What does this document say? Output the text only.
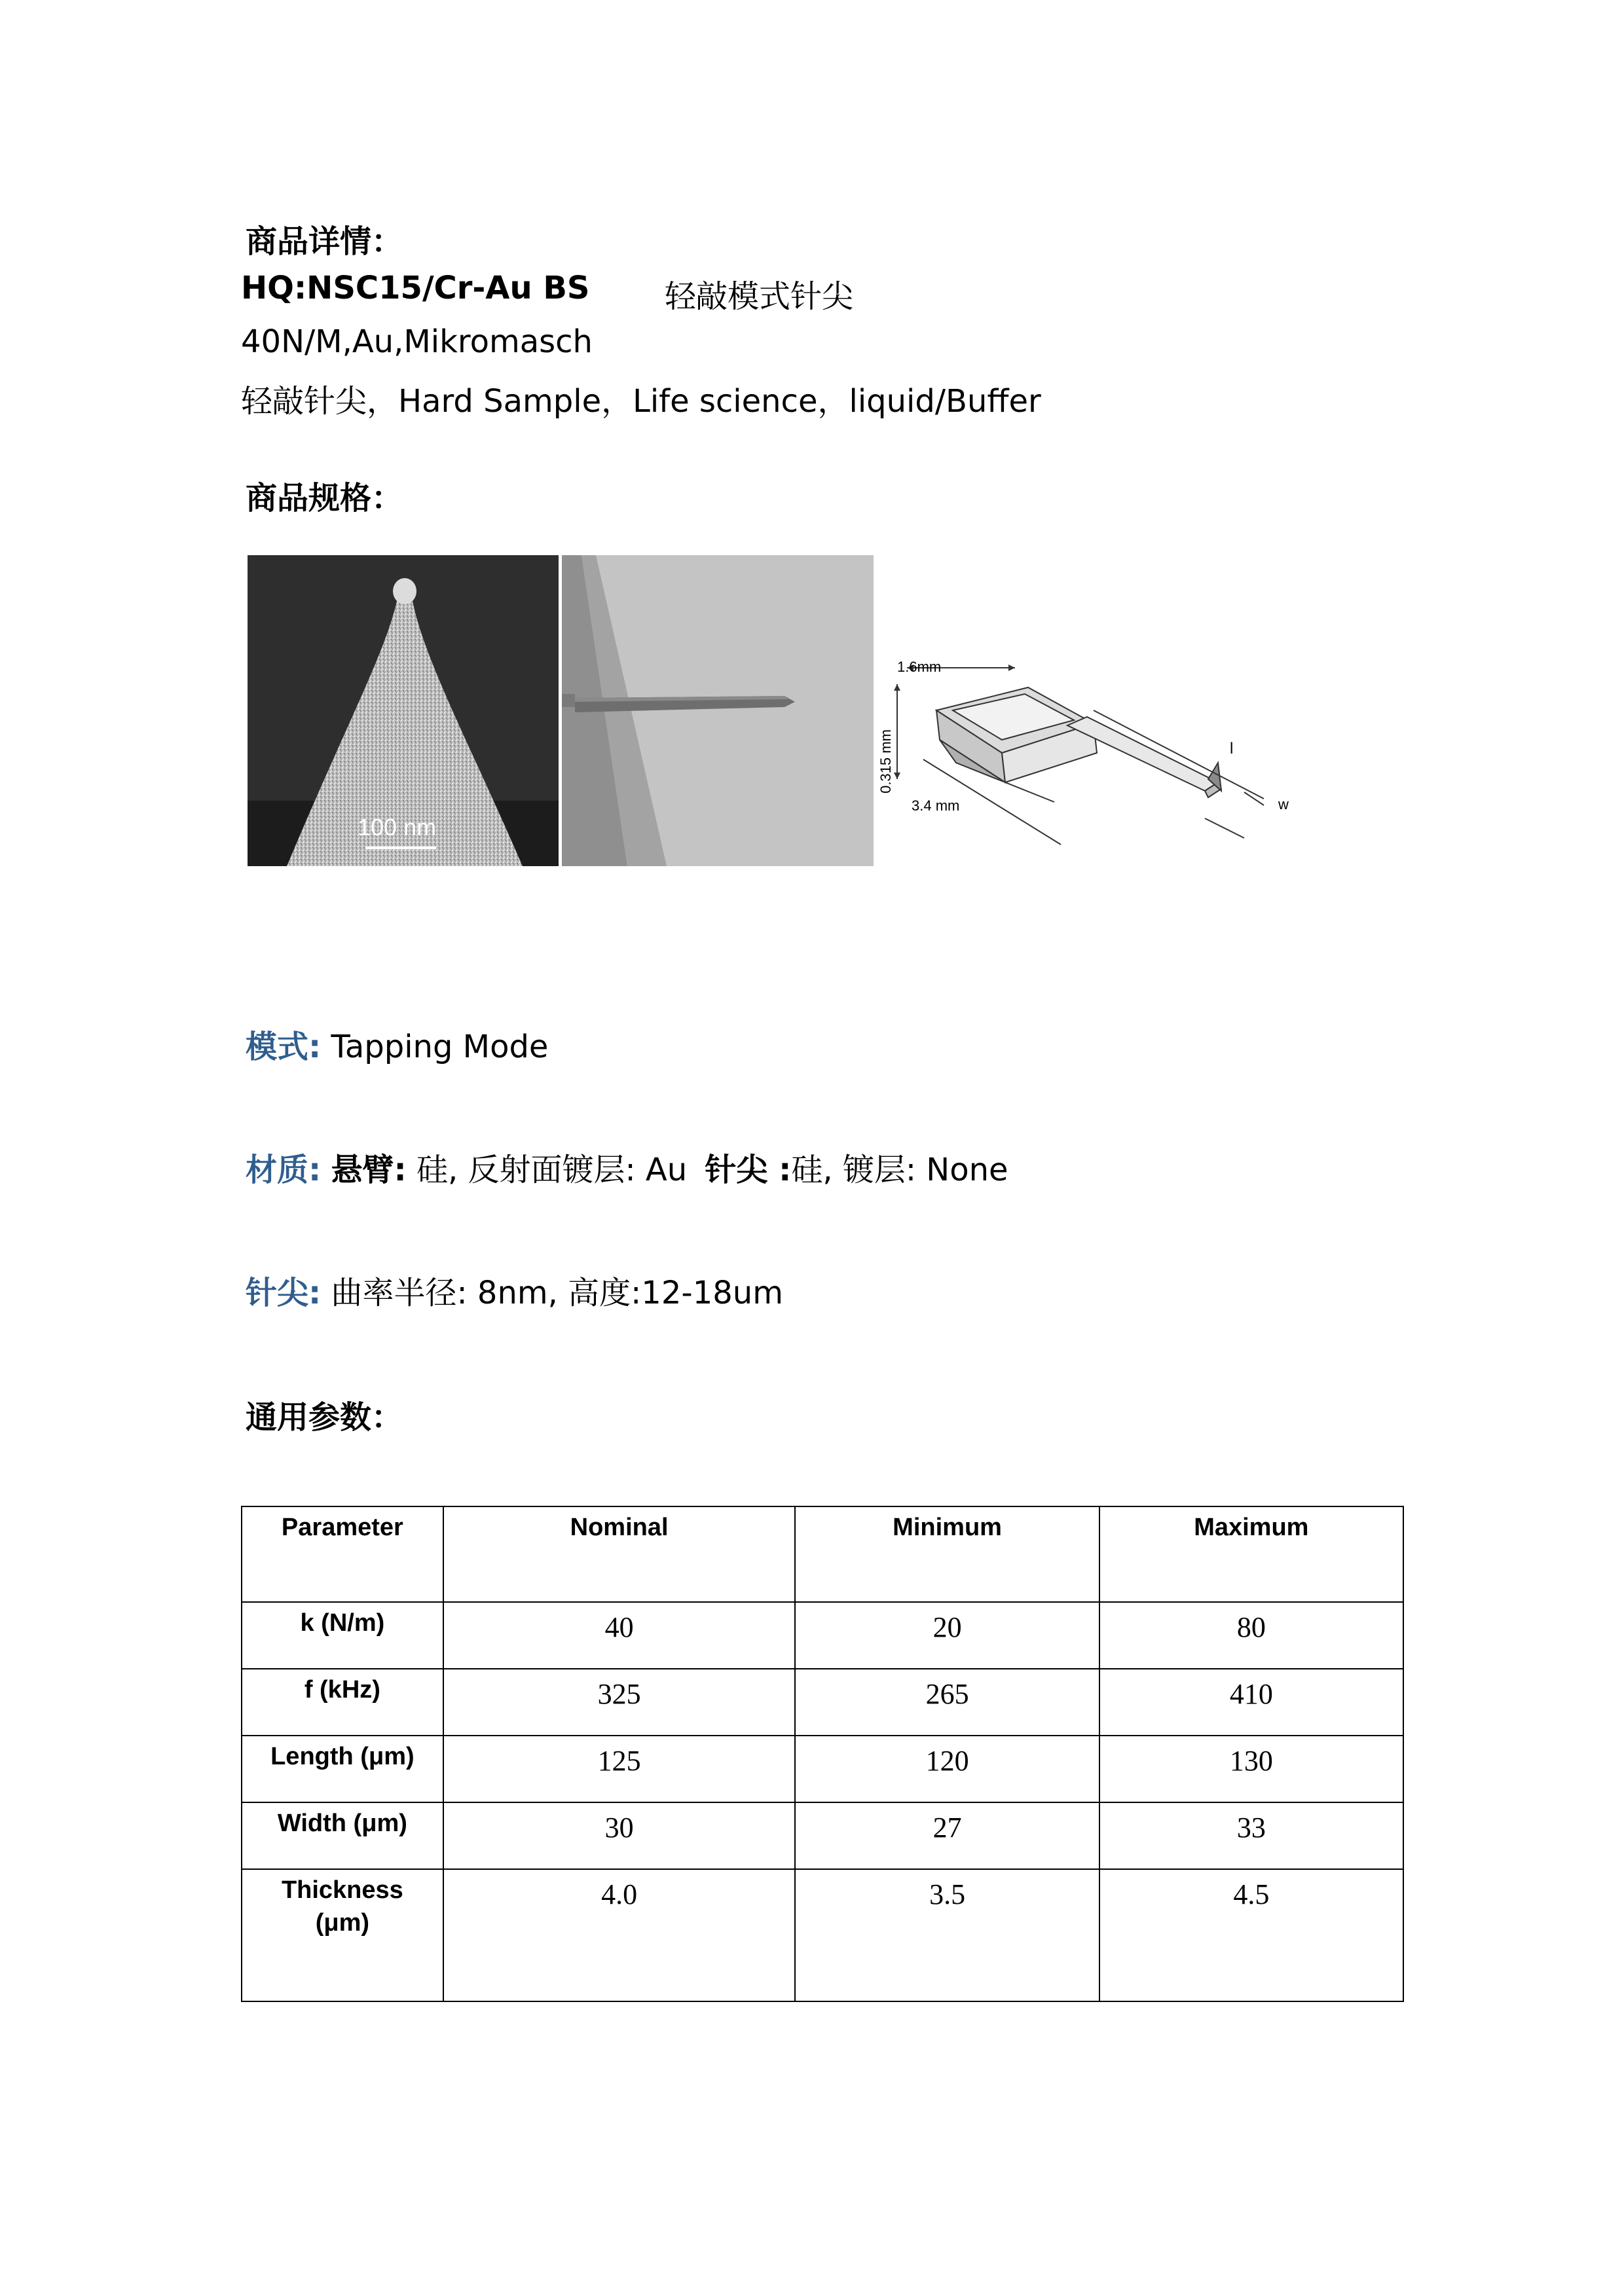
商品详情：
HQ:NSC15/Cr-Au BS 轻敲模式针尖
40N/M,Au,Mikromasch
轻敲针尖，Hard Sample，Life science，liquid/Buffer
商品规格：
100 nm
1.6mm
0.315 mm
3.4 mm
l
w
模式: Tapping Mode
材质: 悬臂: 硅, 反射面镀层: Au 针尖 :硅, 镀层: None
针尖: 曲率半径: 8nm, 高度:12-18um
通用参数：
Parameter	Nominal	Minimum	Maximum
k (N/m)	40	20	80
f (kHz)	325	265	410
Length (μm)	125	120	130
Width (μm)	30	27	33
Thickness (μm)	4.0	3.5	4.5
